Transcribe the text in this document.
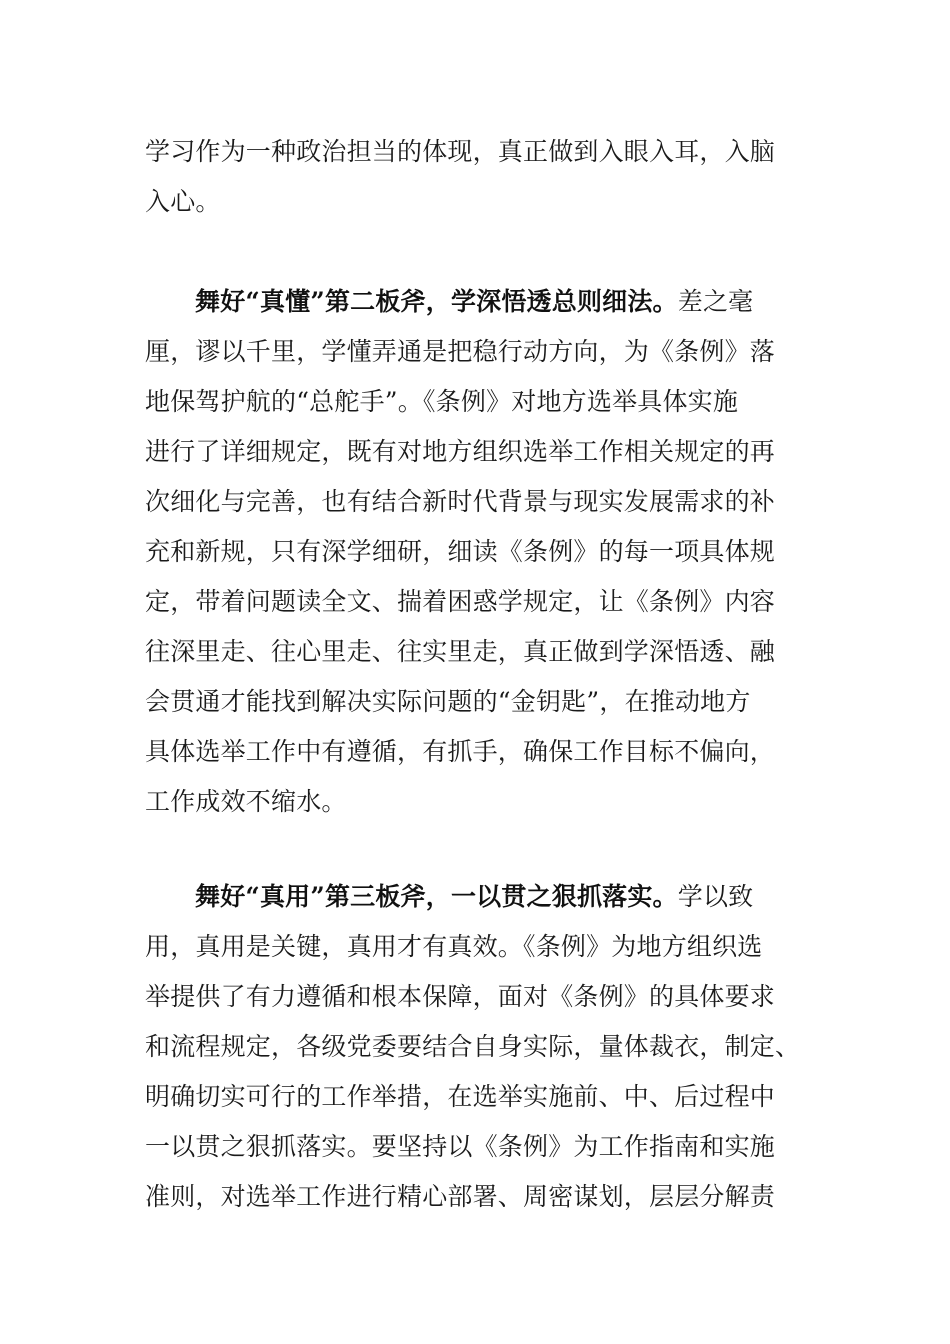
学习作为一种政治担当的体现，真正做到入眼入耳，入脑
入心。
舞好“真懂”第二板斧，学深悟透总则细法。差之毫
厘，谬以千里，学懂弄通是把稳行动方向，为《条例》落
地保驾护航的“总舵手”。《条例》对地方选举具体实施
进行了详细规定，既有对地方组织选举工作相关规定的再
次细化与完善，也有结合新时代背景与现实发展需求的补
充和新规，只有深学细研，细读《条例》的每一项具体规
定，带着问题读全文、揣着困惑学规定，让《条例》内容
往深里走、往心里走、往实里走，真正做到学深悟透、融
会贯通才能找到解决实际问题的“金钥匙”，在推动地方
具体选举工作中有遵循，有抓手，确保工作目标不偏向，
工作成效不缩水。
舞好“真用”第三板斧，一以贯之狠抓落实。学以致
用，真用是关键，真用才有真效。《条例》为地方组织选
举提供了有力遵循和根本保障，面对《条例》的具体要求
和流程规定，各级党委要结合自身实际，量体裁衣，制定、
明确切实可行的工作举措，在选举实施前、中、后过程中
一以贯之狠抓落实。要坚持以《条例》为工作指南和实施
准则，对选举工作进行精心部署、周密谋划，层层分解责
